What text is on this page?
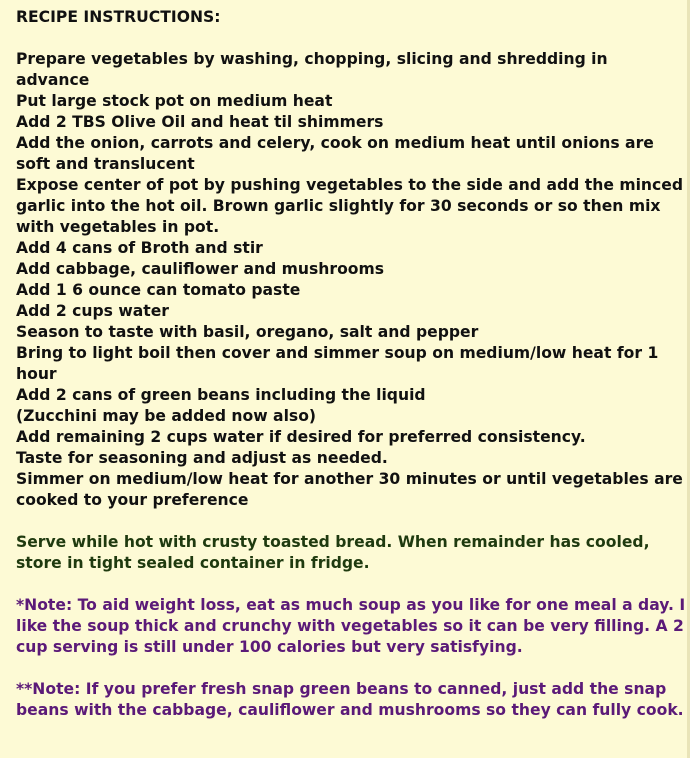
RECIPE INSTRUCTIONS:
Prepare vegetables by washing, chopping, slicing and shredding in advance
Put large stock pot on medium heat
Add 2 TBS Olive Oil and heat til shimmers
Add the onion, carrots and celery, cook on medium heat until onions are soft and translucent
Expose center of pot by pushing vegetables to the side and add the minced garlic into the hot oil. Brown garlic slightly for 30 seconds or so then mix with vegetables in pot.
Add 4 cans of Broth and stir
Add cabbage, cauliflower and mushrooms
Add 1 6 ounce can tomato paste
Add 2 cups water
Season to taste with basil, oregano, salt and pepper
Bring to light boil then cover and simmer soup on medium/low heat for 1 hour
Add 2 cans of green beans including the liquid
(Zucchini may be added now also)
Add remaining 2 cups water if desired for preferred consistency.
Taste for seasoning and adjust as needed.
Simmer on medium/low heat for another 30 minutes or until vegetables are cooked to your preference

Serve while hot with crusty toasted bread. When remainder has cooled, store in tight sealed container in fridge.

*Note: To aid weight loss, eat as much soup as you like for one meal a day. I like the soup thick and crunchy with vegetables so it can be very filling. A 2 cup serving is still under 100 calories but very satisfying.

**Note: If you prefer fresh snap green beans to canned, just add the snap beans with the cabbage, cauliflower and mushrooms so they can fully cook.
